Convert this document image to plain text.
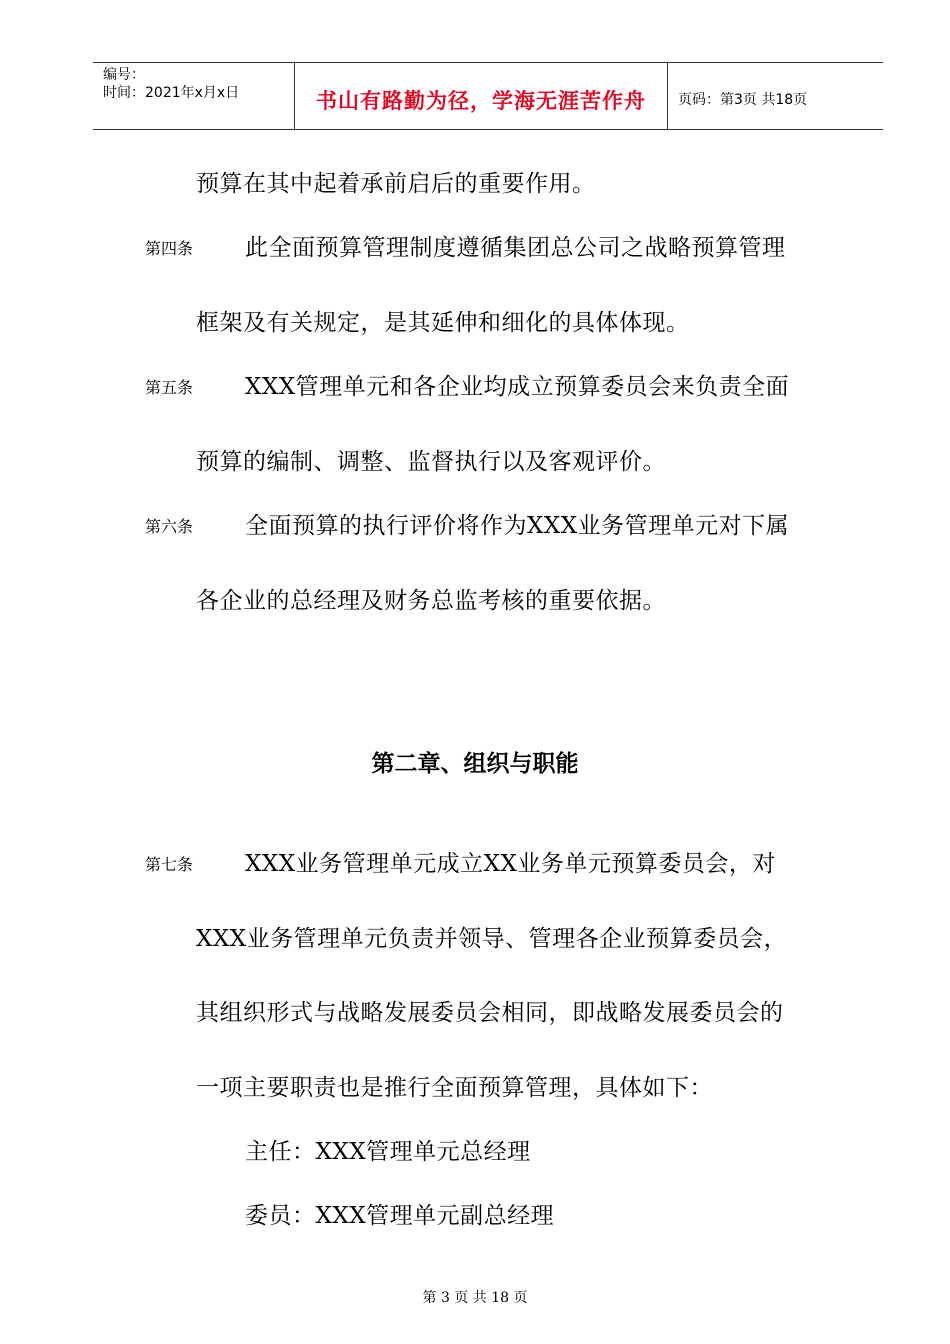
编号：
时间：2021年x月x日	书山有路勤为径，学海无涯苦作舟	页码：第3页 共18页
预算在其中起着承前启后的重要作用。
第四条 此全面预算管理制度遵循集团总公司之战略预算管理
框架及有关规定，是其延伸和细化的具体体现。
第五条 XXX管理单元和各企业均成立预算委员会来负责全面
预算的编制、调整、监督执行以及客观评价。
第六条 全面预算的执行评价将作为XXX业务管理单元对下属
各企业的总经理及财务总监考核的重要依据。
第二章、组织与职能
第七条 XXX业务管理单元成立XX业务单元预算委员会，对
XXX业务管理单元负责并领导、管理各企业预算委员会，
其组织形式与战略发展委员会相同，即战略发展委员会的
一项主要职责也是推行全面预算管理，具体如下：
主任：XXX管理单元总经理
委员：XXX管理单元副总经理
第 3 页 共 18 页
